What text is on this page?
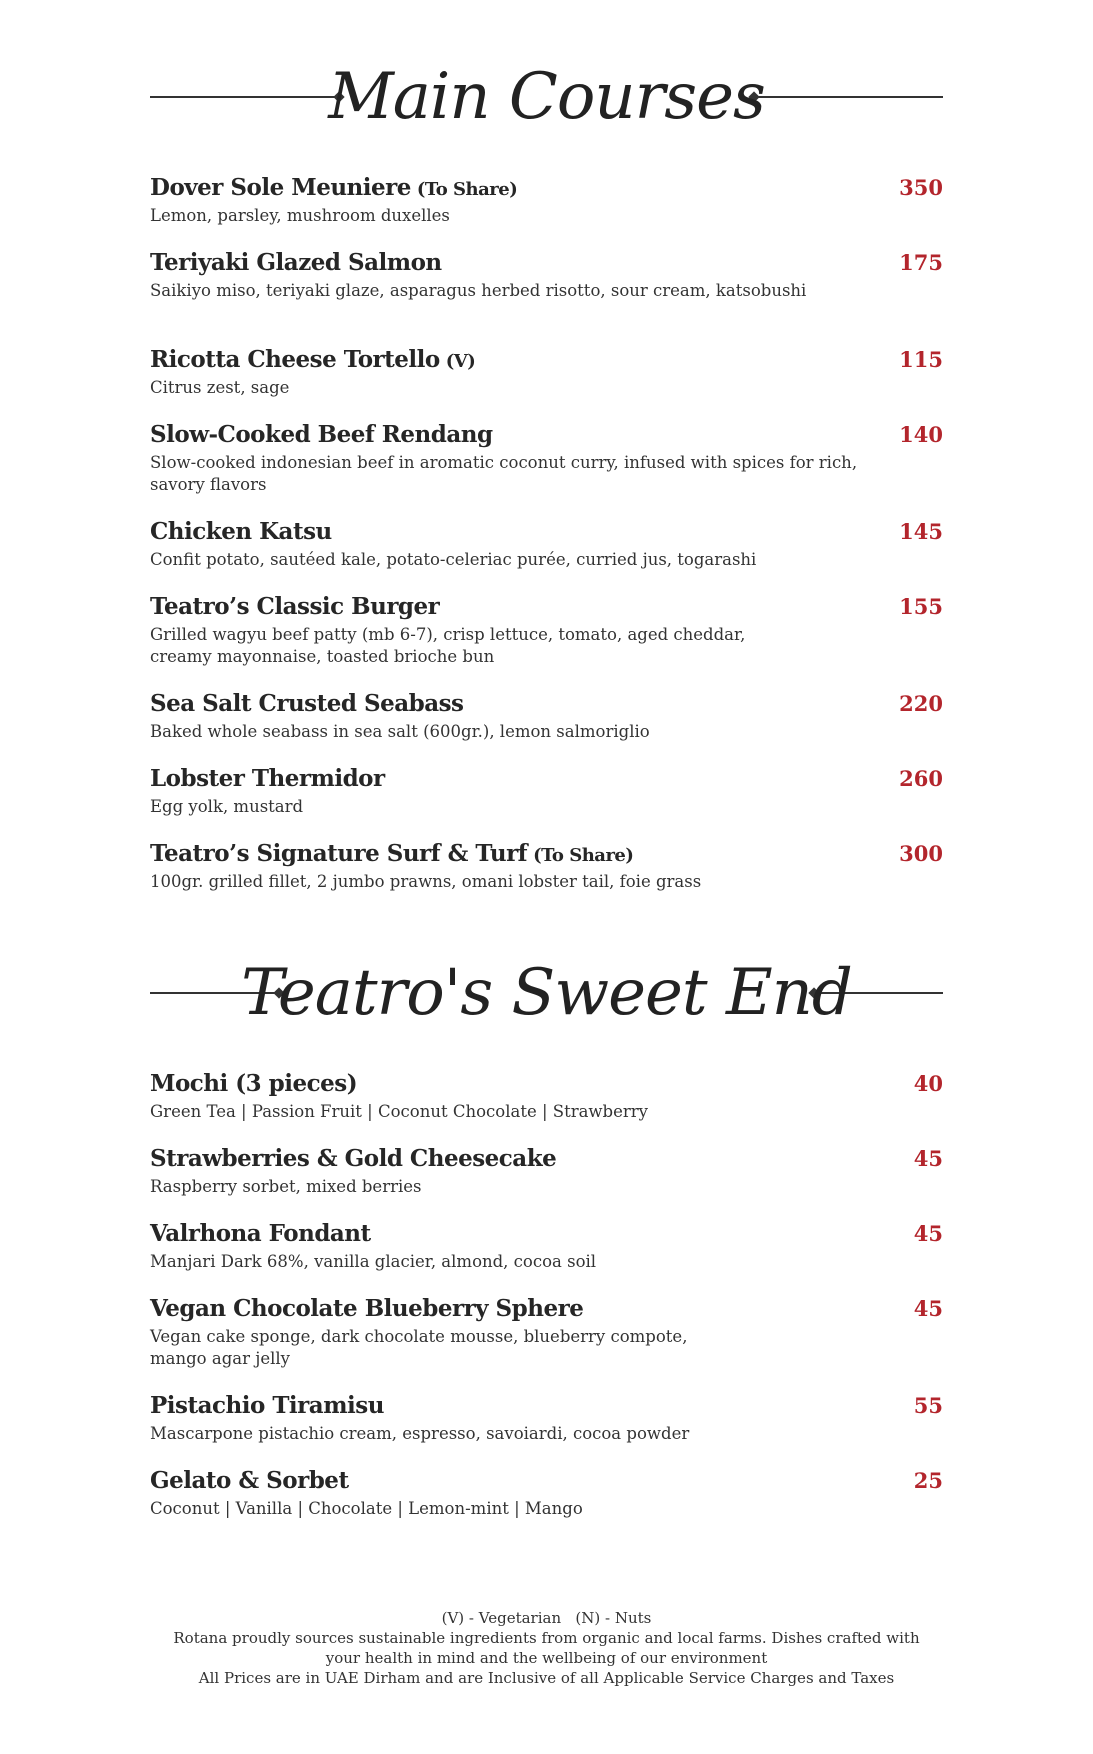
Main Courses
Dover Sole Meuniere (To Share)	350
Lemon, parsley, mushroom duxelles
Teriyaki Glazed Salmon	175
Saikiyo miso, teriyaki glaze, asparagus herbed risotto, sour cream, katsobushi
Ricotta Cheese Tortello (V)	115
Citrus zest, sage
Slow-Cooked Beef Rendang	140
Slow-cooked indonesian beef in aromatic coconut curry, infused with spices for rich, savory flavors
Chicken Katsu	145
Confit potato, sautéed kale, potato-celeriac purée, curried jus, togarashi
Teatro’s Classic Burger	155
Grilled wagyu beef patty (mb 6-7), crisp lettuce, tomato, aged cheddar, creamy mayonnaise, toasted brioche bun
Sea Salt Crusted Seabass	220
Baked whole seabass in sea salt (600gr.), lemon salmoriglio
Lobster Thermidor	260
Egg yolk, mustard
Teatro’s Signature Surf & Turf (To Share)	300
100gr. grilled fillet, 2 jumbo prawns, omani lobster tail, foie grass
Teatro's Sweet End
Mochi (3 pieces)	40
Green Tea | Passion Fruit | Coconut Chocolate | Strawberry
Strawberries & Gold Cheesecake	45
Raspberry sorbet, mixed berries
Valrhona Fondant	45
Manjari Dark 68%, vanilla glacier, almond, cocoa soil
Vegan Chocolate Blueberry Sphere	45
Vegan cake sponge, dark chocolate mousse, blueberry compote, mango agar jelly
Pistachio Tiramisu	55
Mascarpone pistachio cream, espresso, savoiardi, cocoa powder
Gelato & Sorbet	25
Coconut | Vanilla | Chocolate | Lemon-mint | Mango
(V) - Vegetarian   (N) - Nuts
Rotana proudly sources sustainable ingredients from organic and local farms. Dishes crafted with your health in mind and the wellbeing of our environment
All Prices are in UAE Dirham and are Inclusive of all Applicable Service Charges and Taxes
